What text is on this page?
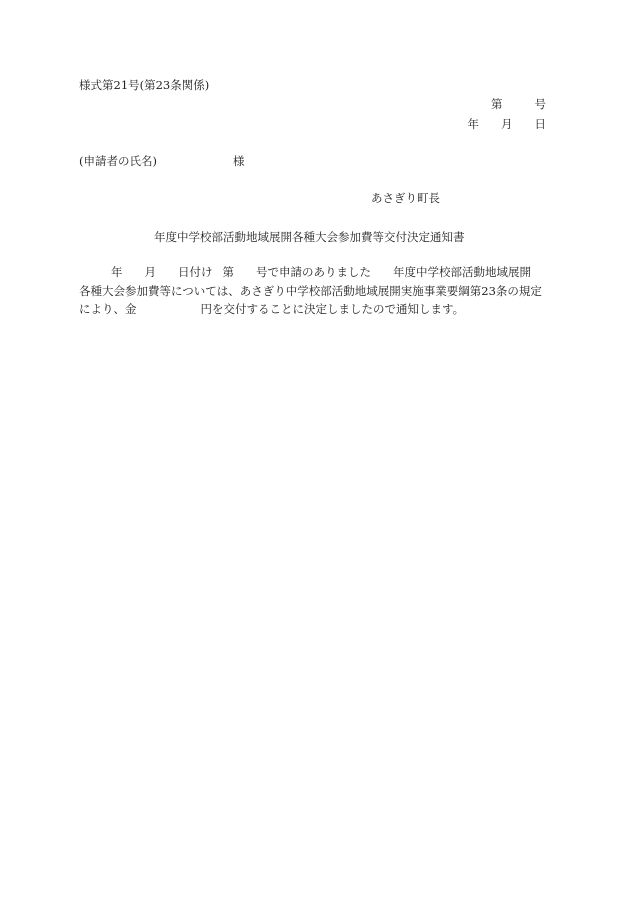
様式第21号(第23条関係)
第	号
年 月 日
(申請者の氏名)	様
あさぎり町長
年度中学校部活動地域展開各種大会参加費等交付決定通知書
年 月 日付け 第 号で申請のありました 年度中学校部活動地域展開
各種大会参加費等については、あさぎり中学校部活動地域展開実施事業要綱第23条の規定
により、金	円を交付することに決定しましたので通知します。
